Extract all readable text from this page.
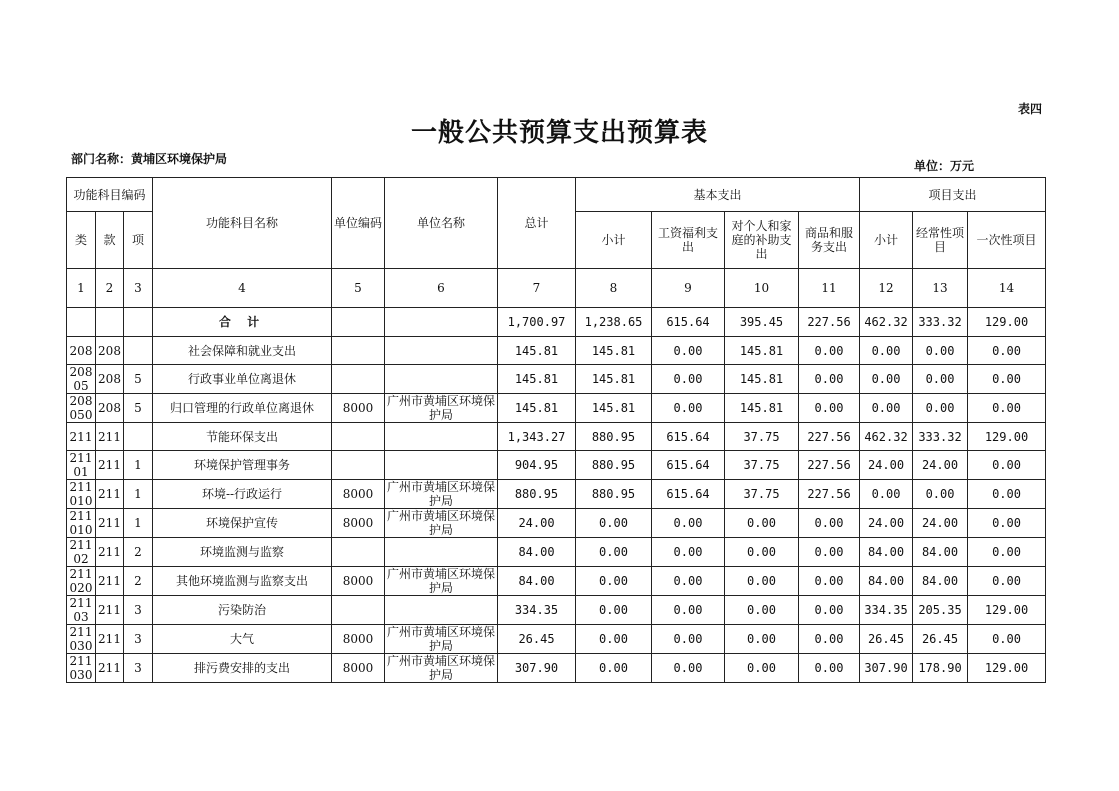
表四
一般公共预算支出预算表
部门名称：黄埔区环境保护局	单位：万元
功能科目编码			功能科目名称	单位编码	单位名称	总计	基本支出				项目支出		
类	款	项					小计	工资福利支出	对个人和家庭的补助支出	商品和服务支出	小计	经常性项目	一次性项目
1	2	3	4	5	6	7	8	9	10	11	12	13	14
			合 计			1,700.97	1,238.65	615.64	395.45	227.56	462.32	333.32	129.00
208	208		社会保障和就业支出			145.81	145.81	0.00	145.81	0.00	0.00	0.00	0.00
208 05	208	5	行政事业单位离退休			145.81	145.81	0.00	145.81	0.00	0.00	0.00	0.00
208 050	208	5	归口管理的行政单位离退休	8000	广州市黄埔区环境保护局	145.81	145.81	0.00	145.81	0.00	0.00	0.00	0.00
211	211		节能环保支出			1,343.27	880.95	615.64	37.75	227.56	462.32	333.32	129.00
211 01	211	1	环境保护管理事务			904.95	880.95	615.64	37.75	227.56	24.00	24.00	0.00
211 010	211	1	环境--行政运行	8000	广州市黄埔区环境保护局	880.95	880.95	615.64	37.75	227.56	0.00	0.00	0.00
211 010	211	1	环境保护宣传	8000	广州市黄埔区环境保护局	24.00	0.00	0.00	0.00	0.00	24.00	24.00	0.00
211 02	211	2	环境监测与监察			84.00	0.00	0.00	0.00	0.00	84.00	84.00	0.00
211 020	211	2	其他环境监测与监察支出	8000	广州市黄埔区环境保护局	84.00	0.00	0.00	0.00	0.00	84.00	84.00	0.00
211 03	211	3	污染防治			334.35	0.00	0.00	0.00	0.00	334.35	205.35	129.00
211 030	211	3	大气	8000	广州市黄埔区环境保护局	26.45	0.00	0.00	0.00	0.00	26.45	26.45	0.00
211 030	211	3	排污费安排的支出	8000	广州市黄埔区环境保护局	307.90	0.00	0.00	0.00	0.00	307.90	178.90	129.00
